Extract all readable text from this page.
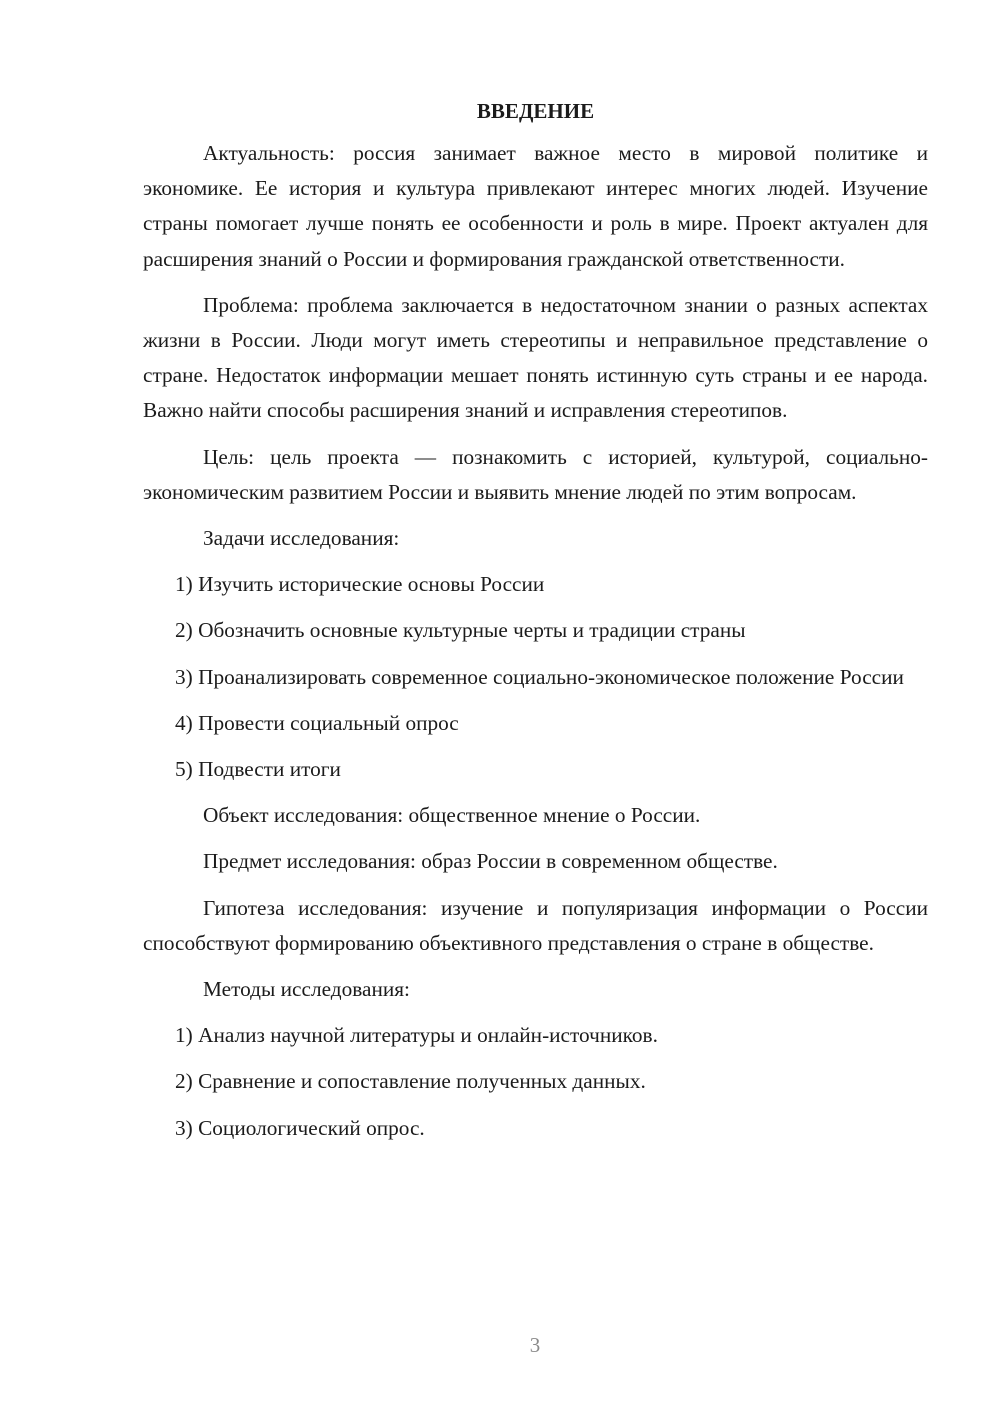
ВВЕДЕНИЕ

Актуальность: россия занимает важное место в мировой политике и экономике. Ее история и культура привлекают интерес многих людей. Изучение страны помогает лучше понять ее особенности и роль в мире. Проект актуален для расширения знаний о России и формирования гражданской ответственности.

Проблема: проблема заключается в недостаточном знании о разных аспектах жизни в России. Люди могут иметь стереотипы и неправильное представление о стране. Недостаток информации мешает понять истинную суть страны и ее народа. Важно найти способы расширения знаний и исправления стереотипов.

Цель: цель проекта — познакомить с историей, культурой, социально-экономическим развитием России и выявить мнение людей по этим вопросам.

Задачи исследования:

1) Изучить исторические основы России

2) Обозначить основные культурные черты и традиции страны

3) Проанализировать современное социально-экономическое положение России

4) Провести социальный опрос

5) Подвести итоги

Объект исследования: общественное мнение о России.

Предмет исследования: образ России в современном обществе.

Гипотеза исследования: изучение и популяризация информации о России способствуют формированию объективного представления о стране в обществе.

Методы исследования:

1) Анализ научной литературы и онлайн-источников.

2) Сравнение и сопоставление полученных данных.

3) Социологический опрос.

3
